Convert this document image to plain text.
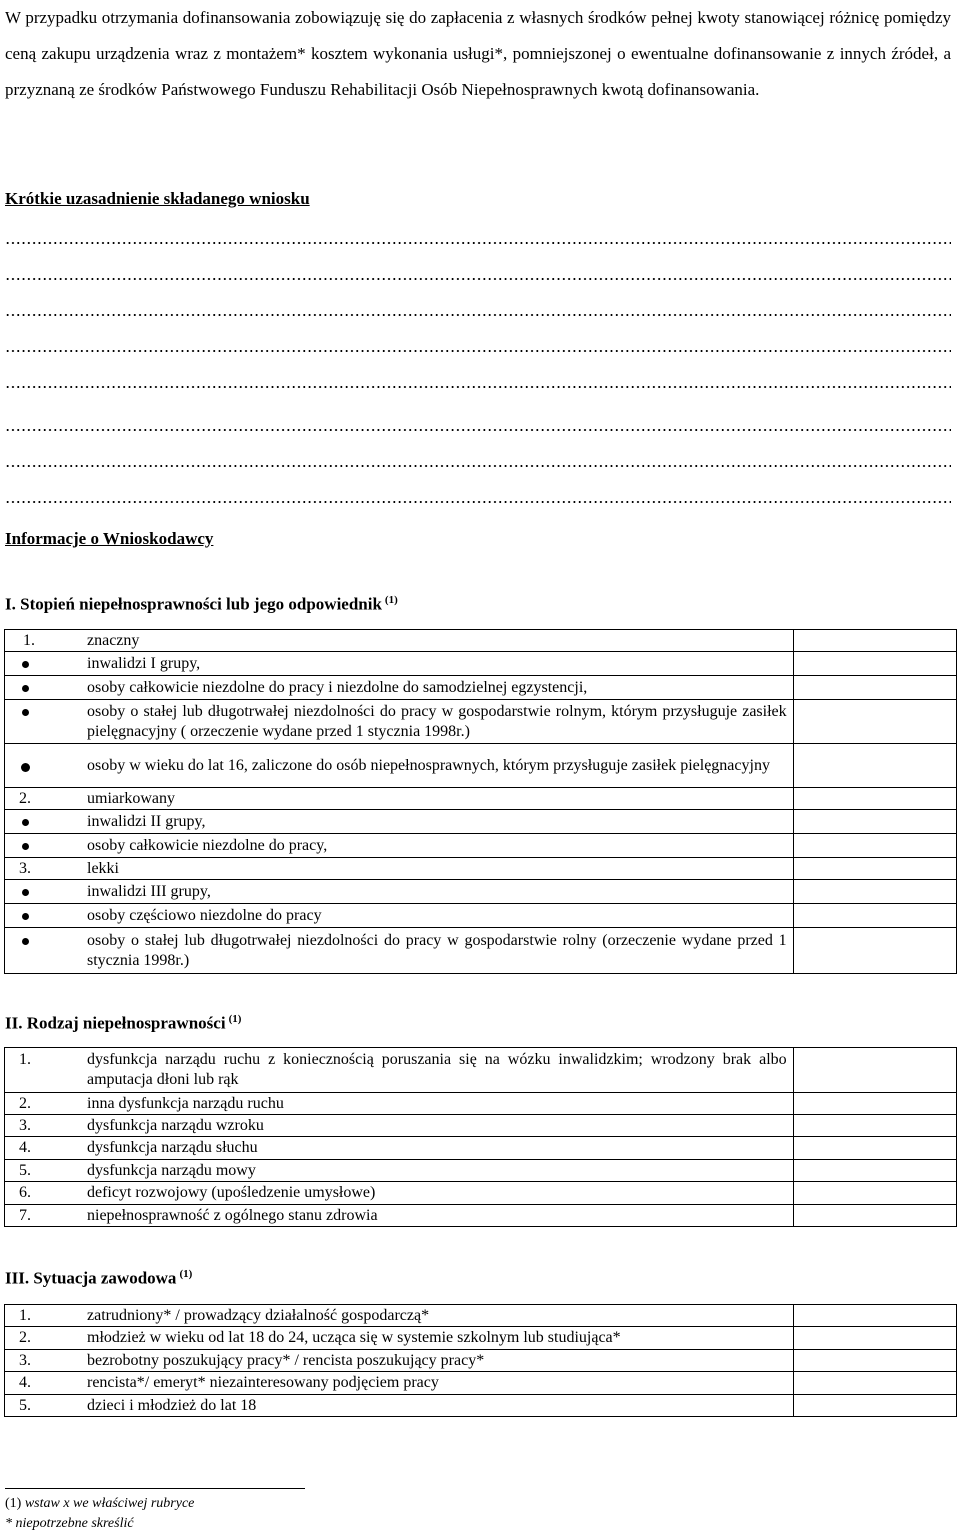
W przypadku otrzymania dofinansowania zobowiązuję się do zapłacenia z własnych środków pełnej kwoty stanowiącej różnicę pomiędzy ceną zakupu urządzenia wraz z montażem* kosztem wykonania usługi*, pomniejszonej o ewentualne dofinansowanie z innych źródeł, a przyznaną ze środków Państwowego Funduszu Rehabilitacji Osób Niepełnosprawnych kwotą dofinansowania.
Krótkie uzasadnienie składanego wniosku
Informacje o Wnioskodawcy
I. Stopień niepełnosprawności lub jego odpowiednik $^{(1)}$
1. znaczny	

inwalidzi I grupy,	

osoby całkowicie niezdolne do pracy i niezdolne do samodzielnej egzystencji,	

osoby o stałej lub długotrwałej niezdolności do pracy w gospodarstwie rolnym, którym przysługuje zasiłek pielęgnacyjny ( orzeczenie wydane przed 1 stycznia 1998r.)	

osoby w wieku do lat 16, zaliczone do osób niepełnosprawnych, którym przysługuje zasiłek pielęgnacyjny	

2. umiarkowany	

inwalidzi II grupy,	

osoby całkowicie niezdolne do pracy,	

3. lekki	

inwalidzi III grupy,	

osoby częściowo niezdolne do pracy	

osoby o stałej lub długotrwałej niezdolności do pracy w gospodarstwie rolny (orzeczenie wydane przed 1 stycznia 1998r.)	

II. Rodzaj niepełnosprawności $^{(1)}$
1. dysfunkcja narządu ruchu z koniecznością poruszania się na wózku inwalidzkim; wrodzony brak albo amputacja dłoni lub rąk	

2. inna dysfunkcja narządu ruchu	

3. dysfunkcja narządu wzroku	

4. dysfunkcja narządu słuchu	

5. dysfunkcja narządu mowy	

6. deficyt rozwojowy (upośledzenie umysłowe)	

7. niepełnosprawność z ogólnego stanu zdrowia	

III. Sytuacja zawodowa $^{(1)}$
1. zatrudniony* / prowadzący działalność gospodarczą*	

2. młodzież w wieku od lat 18 do 24, ucząca się w systemie szkolnym lub studiująca*	

3. bezrobotny poszukujący pracy* / rencista poszukujący pracy*	

4. rencista*/ emeryt* niezainteresowany podjęciem pracy	

5. dzieci i młodzież do lat 18	

(1) wstaw x we właściwej rubryce
* niepotrzebne skreślić
